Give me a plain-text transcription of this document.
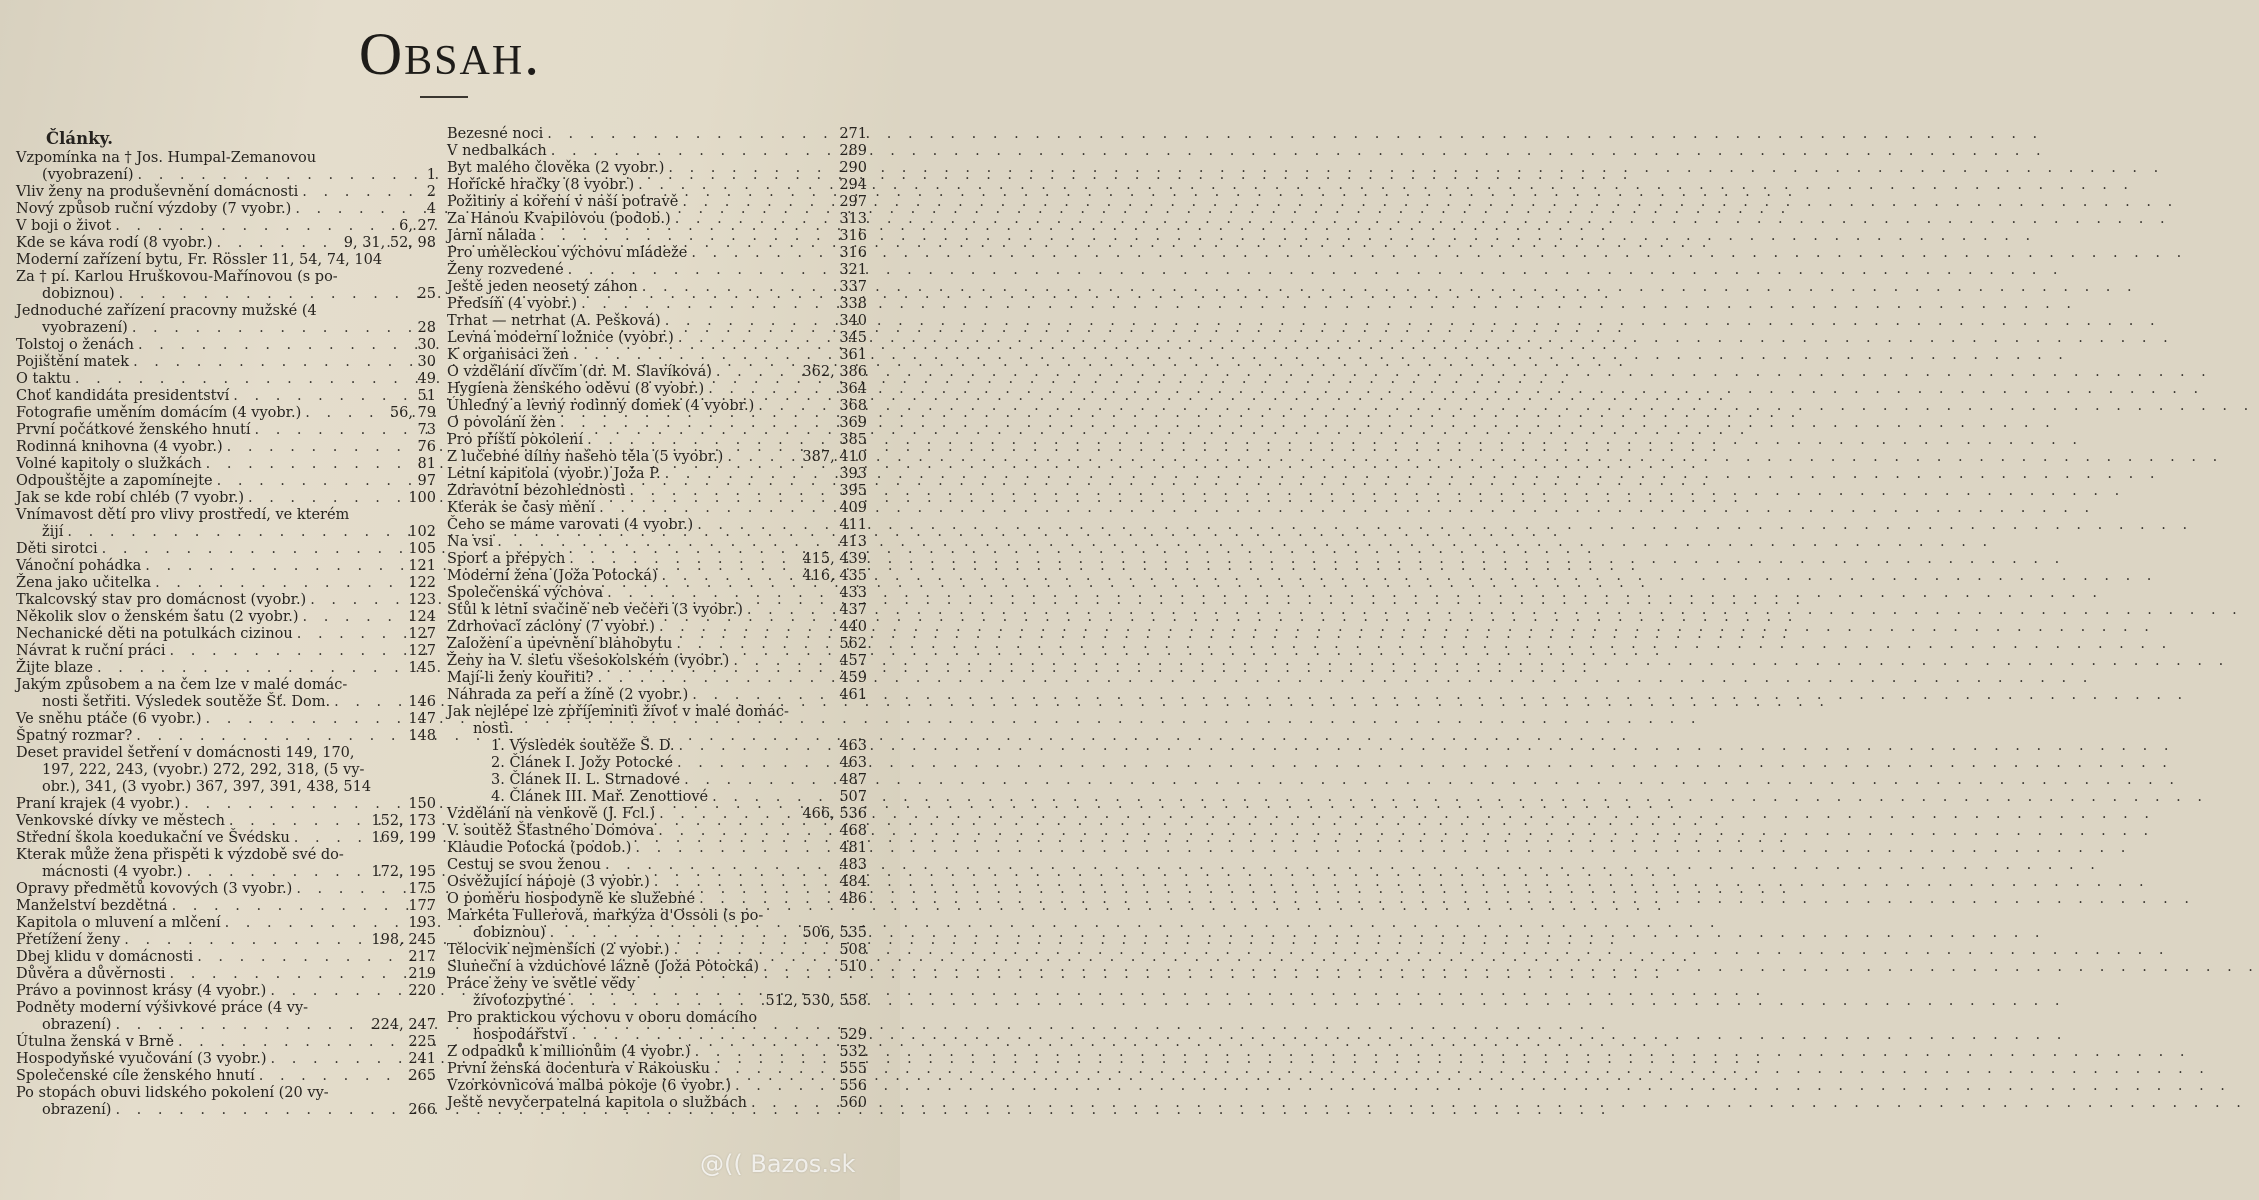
Obsah.
Články.
Vzpomínka na † Jos. Humpal-Zemanovou
(vyobrazení) . . .	1
Vliv ženy na produševnění domácnosti . . .	2
Nový způsob ruční výzdoby (7 vyobr.) . . .	4
V boji o život . . .	6, 27
Kde se káva rodí (8 vyobr.) . . .	9, 31, 52, 98
Moderní zařízení bytu, Fr. Rössler 11, 54, 74, 104
Za † pí. Karlou Hruškovou-Mařínovou (s po-
dobiznou) . . .	25
Jednoduché zařízení pracovny mužské (4
vyobrazení) . . .	28
Tolstoj o ženách . . .	30
Pojištění matek . . .	30
O taktu . . .	49
Choť kandidáta presidentství . . .	51
Fotografie uměním domácím (4 vyobr.) . . .	56, 79
První počátkové ženského hnutí . . .	73
Rodinná knihovna (4 vyobr.) . . .	76
Volné kapitoly o služkách . . .	81
Odpouštějte a zapomínejte . . .	97
Jak se kde robí chléb (7 vyobr.) . . .	100
Vnímavost dětí pro vlivy prostředí, ve kterém
žijí . . .	102
Děti sirotci . . .	105
Vánoční pohádka . . .	121
Žena jako učitelka . . .	122
Tkalcovský stav pro domácnost (vyobr.) . . .	123
Několik slov o ženském šatu (2 vyobr.) . . .	124
Nechanické děti na potulkách cizinou . . .	127
Návrat k ruční práci . . .	127
Žijte blaze . . .	145
Jakým způsobem a na čem lze v malé domác-
nosti šetřiti. Výsledek soutěže Šť. Dom. . . .	146
Ve sněhu ptáče (6 vyobr.) . . .	147
Špatný rozmar? . . .	148
Deset pravidel šetření v domácnosti 149, 170,
197, 222, 243, (vyobr.) 272, 292, 318, (5 vy-
obr.), 341, (3 vyobr.) 367, 397, 391, 438, 514
Praní krajek (4 vyobr.) . . .	150
Venkovské dívky ve městech . . .	152, 173
Střední škola koedukační ve Švédsku . . .	169, 199
Kterak může žena přispěti k výzdobě své do-
mácnosti (4 vyobr.) . . .	172, 195
Opravy předmětů kovových (3 vyobr.) . . .	175
Manželství bezdětná . . .	177
Kapitola o mluvení a mlčení . . .	193
Přetížení ženy . . .	198, 245
Dbej klidu v domácnosti . . .	217
Důvěra a důvěrnosti . . .	219
Právo a povinnost krásy (4 vyobr.) . . .	220
Podněty moderní výšivkové práce (4 vy-
obrazení) . . .	224, 247
Útulna ženská v Brně . . .	225
Hospodyňské vyučování (3 vyobr.) . . .	241
Společenské cíle ženského hnutí . . .	265
Po stopách obuvi lidského pokolení (20 vy-
obrazení) . . .	266
Bezesné noci . . .	271
V nedbalkách . . .	289
Byt malého člověka (2 vyobr.) . . .	290
Hořické hračky (8 vyobr.) . . .	294
Požitiny a koření v naší potravě . . .	297
Za Hanou Kvapilovou (podob.) . . .	313
Jarní nálada . . .	316
Pro uměleckou výchovu mládeže . . .	316
Ženy rozvedené . . .	321
Ještě jeden neosetý záhon . . .	337
Předsíň (4 vyobr.) . . .	338
Trhat — netrhat (A. Pešková) . . .	340
Levná moderní ložnice (vyobr.) . . .	345
K organisaci žen . . .	361
O vzdělání dívčím (dr. M. Slavíková) . . .	362, 386
Hygiena ženského oděvu (8 vyobr.) . . .	364
Úhledný a levný rodinný domek (4 vyobr.) . . .	368
O povolání žen . . .	369
Pro příští pokolení . . .	385
Z lučebné dílny našeho těla (5 vyobr.) . . .	387, 410
Letní kapitola (vyobr.) Joža P. . . .	393
Zdravotní bezohlednosti . . .	395
Kterak se časy mění . . .	409
Čeho se máme varovati (4 vyobr.) . . .	411
Na vsi . . .	413
Sport a přepych . . .	415, 439
Moderní žena (Joža Potocká) . . .	416, 435
Společenská výchova . . .	433
Stůl k letní svačině neb večeři (3 vyobr.) . . .	437
Zdrhovací záclony (7 vyobr.) . . .	440
Založení a upevnění blahobytu . . .	562
Ženy na V. sletu všesokolském (vyobr.) . . .	457
Mají-li ženy kouřiti? . . .	459
Náhrada za peří a žíně (2 vyobr.) . . .	461
Jak nejlépe lze zpříjemniti život v malé domác-
nosti.
1. Výsledek soutěže Š. D. . . .	463
2. Článek I. Jožy Potocké . . .	463
3. Článek II. L. Strnadové . . .	487
4. Článek III. Mař. Zenottiové . . .	507
Vzdělání na venkově (J. Fcl.) . . .	466, 536
V. soutěž Šťastného Domova . . .	468
Klaudie Potocká (podob.) . . .	481
Cestuj se svou ženou . . .	483
Osvěžující nápoje (3 vyobr.) . . .	484
O poměru hospodyně ke služebné . . .	486
Markéta Fullerová, markýza d'Ossoli (s po-
dobiznou) . . .	506, 535
Tělocvik nejmenších (2 vyobr.) . . .	508
Sluneční a vzduchové lázně (Joža Potocká) . . .	510
Práce ženy ve světle vědy
životozpytné . . .	512, 530, 558
Pro praktickou výchovu v oboru domácího
hospodářství . . .	529
Z odpadků k millionům (4 vyobr.) . . .	532
První ženská docentura v Rakousku . . .	555
Vzorkovnicová malba pokoje (6 vyobr.) . . .	556
Ještě nevyčerpatelná kapitola o službách . . .	560
@(( Bazos.sk
